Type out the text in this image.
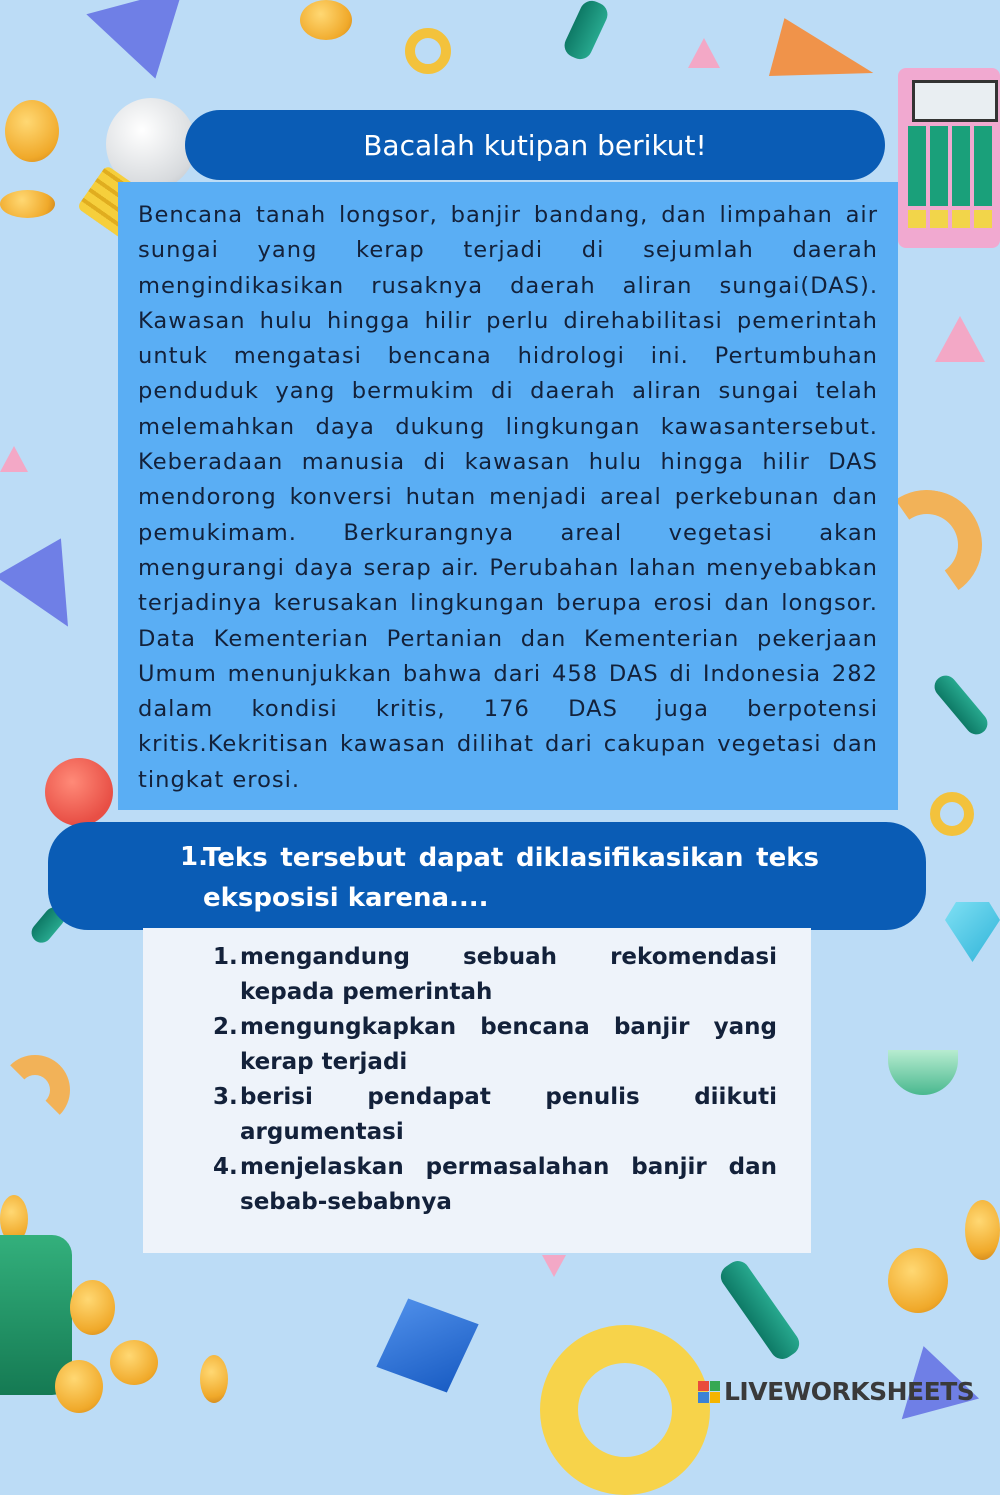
Bacalah kutipan berikut!

Bencana tanah longsor, banjir bandang, dan limpahan air sungai yang kerap terjadi di sejumlah daerah mengindikasikan rusaknya daerah aliran sungai(DAS). Kawasan hulu hingga hilir perlu direhabilitasi pemerintah untuk mengatasi bencana hidrologi ini. Pertumbuhan penduduk yang bermukim di daerah aliran sungai telah melemahkan daya dukung lingkungan kawasantersebut. Keberadaan manusia di kawasan hulu hingga hilir DAS mendorong konversi hutan menjadi areal perkebunan dan pemukimam. Berkurangnya areal vegetasi akan mengurangi daya serap air. Perubahan lahan menyebabkan terjadinya kerusakan lingkungan berupa erosi dan longsor. Data Kementerian Pertanian dan Kementerian pekerjaan Umum menunjukkan bahwa dari 458 DAS di Indonesia 282 dalam kondisi kritis, 176 DAS juga berpotensi kritis.Kekritisan kawasan dilihat dari cakupan vegetasi dan tingkat erosi.

1.
Teks tersebut dapat diklasifikasikan teks eksposisi karena....
1. mengandung sebuah rekomendasi kepada pemerintah
2. mengungkapkan bencana banjir yang kerap terjadi
3. berisi pendapat penulis diikuti argumentasi
4. menjelaskan permasalahan banjir dan sebab-sebabnya
LIVEWORKSHEETS
